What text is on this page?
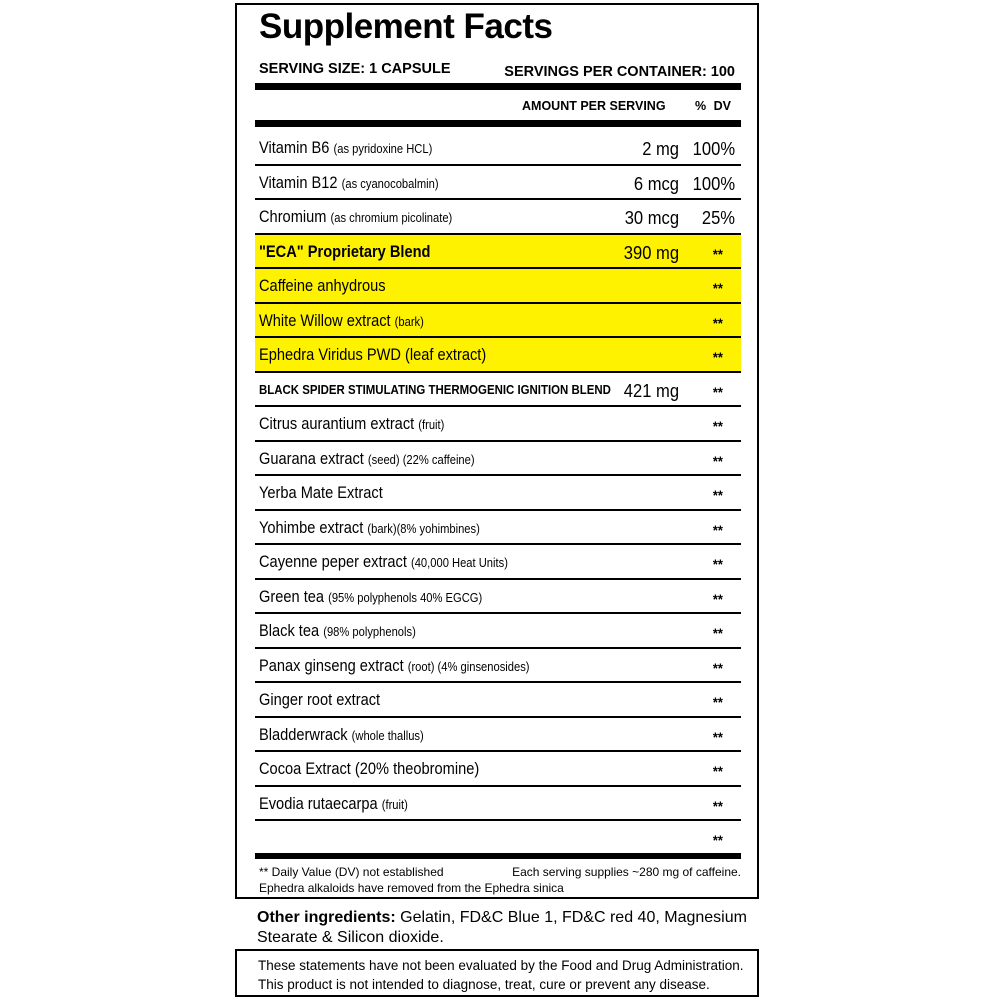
Supplement Facts
SERVING SIZE: 1 CAPSULE	SERVINGS PER CONTAINER: 100
AMOUNT PER SERVING % DV
Vitamin B6 (as pyridoxine HCL)	2 mg 100%
Vitamin B12 (as cyanocobalmin)	6 mcg 100%
Chromium (as chromium picolinate)	30 mcg 25%
"ECA" Proprietary Blend	390 mg **
Caffeine anhydrous	**
White Willow extract (bark)	**
Ephedra Viridus PWD (leaf extract)	**
BLACK SPIDER STIMULATING THERMOGENIC IGNITION BLEND 421 mg **
Citrus aurantium extract (fruit)	**
Guarana extract (seed) (22% caffeine)	**
Yerba Mate Extract	**
Yohimbe extract (bark)(8% yohimbines)	**
Cayenne peper extract (40,000 Heat Units)	**
Green tea (95% polyphenols 40% EGCG)	**
Black tea (98% polyphenols)	**
Panax ginseng extract (root) (4% ginsenosides)	**
Ginger root extract	**
Bladderwrack (whole thallus)	**
Cocoa Extract (20% theobromine)	**
Evodia rutaecarpa (fruit)	**
**
** Daily Value (DV) not established	Each serving supplies ~280 mg of caffeine.
Ephedra alkaloids have removed from the Ephedra sinica
Other ingredients: Gelatin, FD&C Blue 1, FD&C red 40, Magnesium Stearate & Silicon dioxide.
These statements have not been evaluated by the Food and Drug Administration.
This product is not intended to diagnose, treat, cure or prevent any disease.
